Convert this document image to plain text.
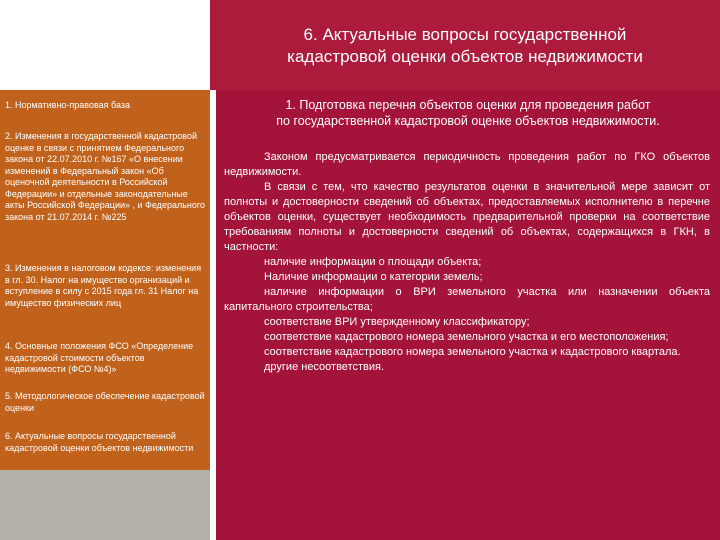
6. Актуальные вопросы государственной
кадастровой оценки объектов недвижимости
1. Нормативно-правовая база
2. Изменения в государственной кадастровой оценке в связи с принятием Федерального закона от 22.07.2010 г. №167 «О внесении изменений в Федеральный закон «Об оценочной деятельности в Российской Федерации» и отдельные законодательные акты Российской Федерации» , и Федерального закона от 21.07.2014 г. №225
3. Изменения в налоговом кодексе: изменения в гл. 30. Налог на имущество организаций и вступление в силу с 2015 года гл. 31 Налог на имущество физических лиц
4. Основные положения ФСО «Определение кадастровой стоимости объектов недвижимости (ФСО №4)»
5. Методологическое обеспечение кадастровой оценки
6. Актуальные вопросы государственной кадастровой оценки объектов недвижимости
1. Подготовка перечня объектов оценки для проведения работ
по государственной кадастровой оценке объектов недвижимости.

Законом предусматривается периодичность проведения работ по ГКО объектов недвижимости.

В связи с тем, что качество результатов оценки в значительной мере зависит от полноты и достоверности сведений об объектах, предоставляемых исполнителю в перечне объектов оценки, существует необходимость предварительной проверки на соответствие требованиям полноты и достоверности сведений об объектах, содержащихся в ГКН, в частности:

наличие информации о площади объекта;

Наличие информации о категории земель;

наличие информации о ВРИ земельного участка или назначении объекта капитального строительства;

соответствие ВРИ утвержденному классификатору;

соответствие кадастрового номера земельного участка и его местоположения;

соответствие кадастрового номера земельного участка и кадастрового квартала.

другие несоответствия.
